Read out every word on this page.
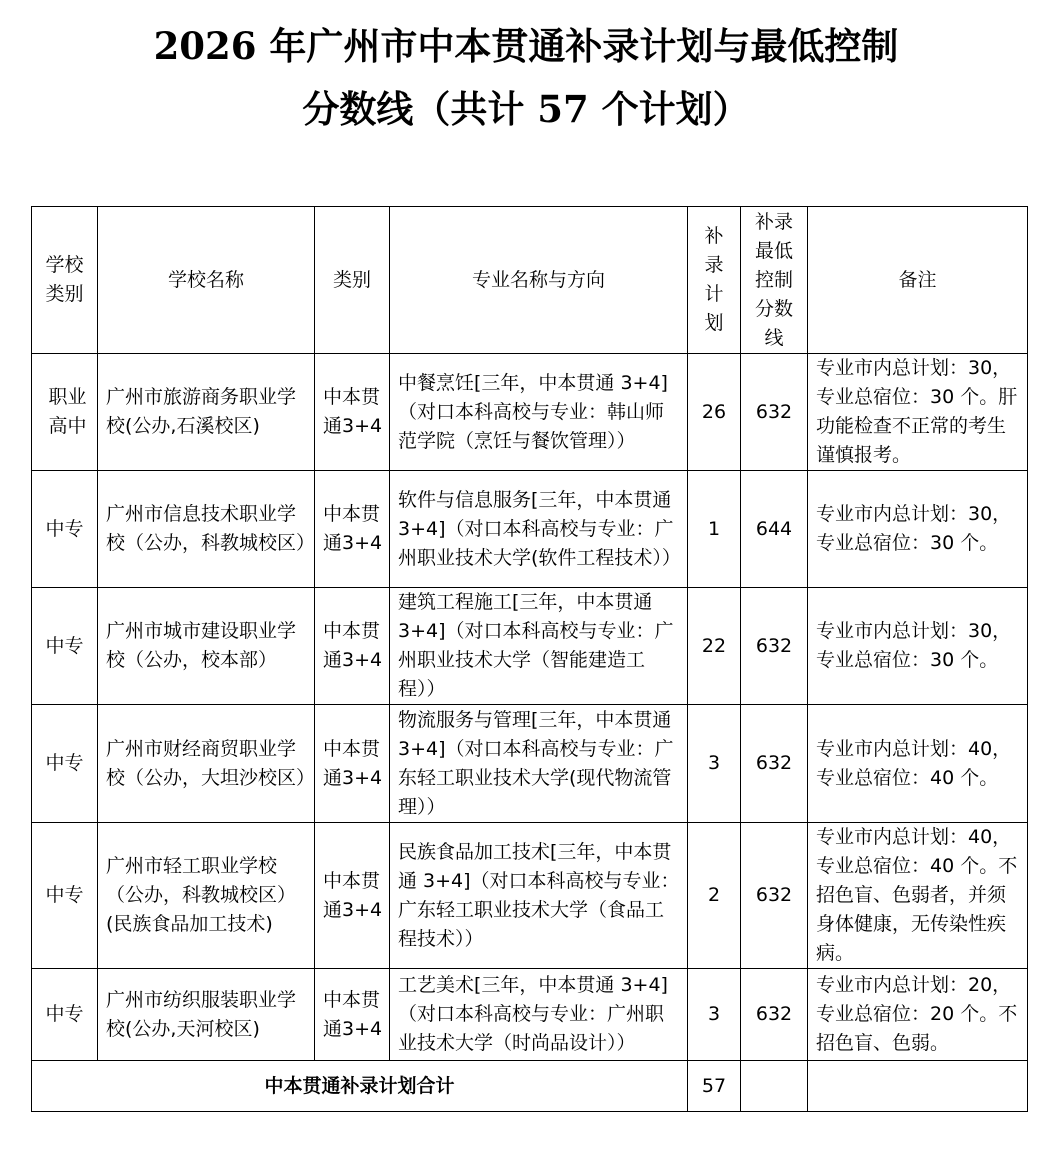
2026 年广州市中本贯通补录计划与最低控制
分数线（共计 57 个计划）
学校类别	学校名称	类别	专业名称与方向	补录计划	补录最低控制分数线	备注
职业高中	广州市旅游商务职业学校(公办,石溪校区)	中本贯通3+4	中餐烹饪[三年，中本贯通 3+4]（对口本科高校与专业：韩山师范学院（烹饪与餐饮管理））	26	632	专业市内总计划：30，专业总宿位：30 个。肝功能检查不正常的考生谨慎报考。
中专	广州市信息技术职业学校（公办，科教城校区）	中本贯通3+4	软件与信息服务[三年，中本贯通 3+4]（对口本科高校与专业：广州职业技术大学(软件工程技术））	1	644	专业市内总计划：30，专业总宿位：30 个。
中专	广州市城市建设职业学校（公办，校本部）	中本贯通3+4	建筑工程施工[三年，中本贯通3+4]（对口本科高校与专业：广州职业技术大学（智能建造工程））	22	632	专业市内总计划：30，专业总宿位：30 个。
中专	广州市财经商贸职业学校（公办，大坦沙校区）	中本贯通3+4	物流服务与管理[三年，中本贯通 3+4]（对口本科高校与专业：广东轻工职业技术大学(现代物流管理））	3	632	专业市内总计划：40，专业总宿位：40 个。
中专	广州市轻工职业学校（公办，科教城校区）(民族食品加工技术)	中本贯通3+4	民族食品加工技术[三年，中本贯通 3+4]（对口本科高校与专业：广东轻工职业技术大学（食品工程技术））	2	632	专业市内总计划：40，专业总宿位：40 个。不招色盲、色弱者，并须身体健康，无传染性疾病。
中专	广州市纺织服装职业学校(公办,天河校区)	中本贯通3+4	工艺美术[三年，中本贯通 3+4]（对口本科高校与专业：广州职业技术大学（时尚品设计））	3	632	专业市内总计划：20，专业总宿位：20 个。不招色盲、色弱。
中本贯通补录计划合计				57		
